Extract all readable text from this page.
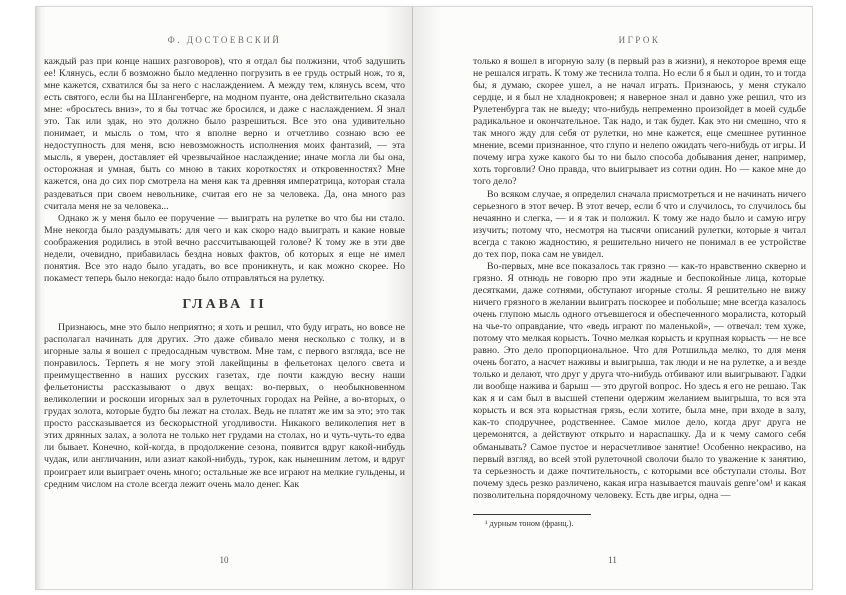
Ф. ДОСТОЕВСКИЙ

каждый раз при конце наших разговоров), что я отдал бы полжизни, чтоб задушить ее! Клянусь, если б возможно было медленно погрузить в ее грудь острый нож, то я, мне кажется, схватился бы за него с наслаждением. А между тем, клянусь всем, что есть святого, если бы на Шлангенберге, на модном пуанте, она действительно сказала мне: «бросьтесь вниз», то я бы тотчас же бросился, и даже с наслаждением. Я знал это. Так или эдак, но это должно было разрешиться. Все это она удивительно понимает, и мысль о том, что я вполне верно и отчетливо сознаю всю ее недоступность для меня, всю невозможность исполнения моих фантазий, — эта мысль, я уверен, доставляет ей чрезвычайное наслаждение; иначе могла ли бы она, осторожная и умная, быть со мною в таких короткостях и откровенностях? Мне кажется, она до сих пор смотрела на меня как та древняя императрица, которая стала раздеваться при своем невольнике, считая его не за человека. Да, она много раз считала меня не за человека...

Однако ж у меня было ее поручение — выиграть на рулетке во что бы ни стало. Мне некогда было раздумывать: для чего и как скоро надо выиграть и какие новые соображения родились в этой вечно рассчитывающей голове? К тому же в эти две недели, очевидно, прибавилась бездна новых фактов, об которых я еще не имел понятия. Все это надо было угадать, во все проникнуть, и как можно скорее. Но покамест теперь было некогда: надо было отправляться на рулетку.

ГЛАВА II

Признаюсь, мне это было неприятно; я хоть и решил, что буду играть, но вовсе не располагал начинать для других. Это даже сбивало меня несколько с толку, и в игорные залы я вошел с предосадным чувством. Мне там, с первого взгляда, все не понравилось. Терпеть я не могу этой лакейщины в фельетонах целого света и преимущественно в наших русских газетах, где почти каждую весну наши фельетонисты рассказывают о двух вещах: во-первых, о необыкновенном великолепии и роскоши игорных зал в рулеточных городах на Рейне, а во-вторых, о грудах золота, которые будто бы лежат на столах. Ведь не платят же им за это; это так просто рассказывается из бескорыстной угодливости. Никакого великолепия нет в этих дрянных залах, а золота не только нет грудами на столах, но и чуть-чуть-то едва ли бывает. Конечно, кой-когда, в продолжение сезона, появится вдруг какой-нибудь чудак, или англичанин, или азиат какой-нибудь, турок, как нынешним летом, и вдруг проиграет или выиграет очень много; остальные же все играют на мелкие гульдены, и средним числом на столе всегда лежит очень мало денег. Как

10
ИГРОК

только я вошел в игорную залу (в первый раз в жизни), я некоторое время еще не решался играть. К тому же теснила толпа. Но если б я был и один, то и тогда бы, я думаю, скорее ушел, а не начал играть. Признаюсь, у меня стукало сердце, и я был не хладнокровен; я наверное знал и давно уже решил, что из Рулетенбурга так не выеду; что-нибудь непременно произойдет в моей судьбе радикальное и окончательное. Так надо, и так будет. Как это ни смешно, что я так много жду для себя от рулетки, но мне кажется, еще смешнее рутинное мнение, всеми признанное, что глупо и нелепо ожидать чего-нибудь от игры. И почему игра хуже какого бы то ни было способа добывания денег, например, хоть торговли? Оно правда, что выигрывает из сотни один. Но — какое мне до того дело?

Во всяком случае, я определил сначала присмотреться и не начинать ничего серьезного в этот вечер. В этот вечер, если б что и случилось, то случилось бы нечаянно и слегка, — и я так и положил. К тому же надо было и самую игру изучить; потому что, несмотря на тысячи описаний рулетки, которые я читал всегда с такою жадностию, я решительно ничего не понимал в ее устройстве до тех пор, пока сам не увидел.

Во-первых, мне все показалось так грязно — как-то нравственно скверно и грязно. Я отнюдь не говорю про эти жадные и беспокойные лица, которые десятками, даже сотнями, обступают игорные столы. Я решительно не вижу ничего грязного в желании выиграть поскорее и побольше; мне всегда казалось очень глупою мысль одного отъевшегося и обеспеченного моралиста, который на чье-то оправдание, что «ведь играют по маленькой», — отвечал: тем хуже, потому что мелкая корысть. Точно мелкая корысть и крупная корысть — не все равно. Это дело пропорциональное. Что для Ротшильда мелко, то для меня очень богато, а насчет наживы и выигрыша, так люди и не на рулетке, а и везде только и делают, что друг у друга что-нибудь отбивают или выигрывают. Гадки ли вообще нажива и барыш — это другой вопрос. Но здесь я его не решаю. Так как я и сам был в высшей степени одержим желанием выигрыша, то вся эта корысть и вся эта корыстная грязь, если хотите, была мне, при входе в залу, как-то сподручнее, родственнее. Самое милое дело, когда друг друга не церемонятся, а действуют открыто и нараспашку. Да и к чему самого себя обманывать? Самое пустое и нерасчетливое занятие! Особенно некрасиво, на первый взгляд, во всей этой рулеточной сволочи было то уважение к занятию, та серьезность и даже почтительность, с которыми все обступали столы. Вот почему здесь резко различено, какая игра называется mauvais genre’ом¹ и какая позволительна порядочному человеку. Есть две игры, одна —

¹ дурным тоном (франц.).
11
